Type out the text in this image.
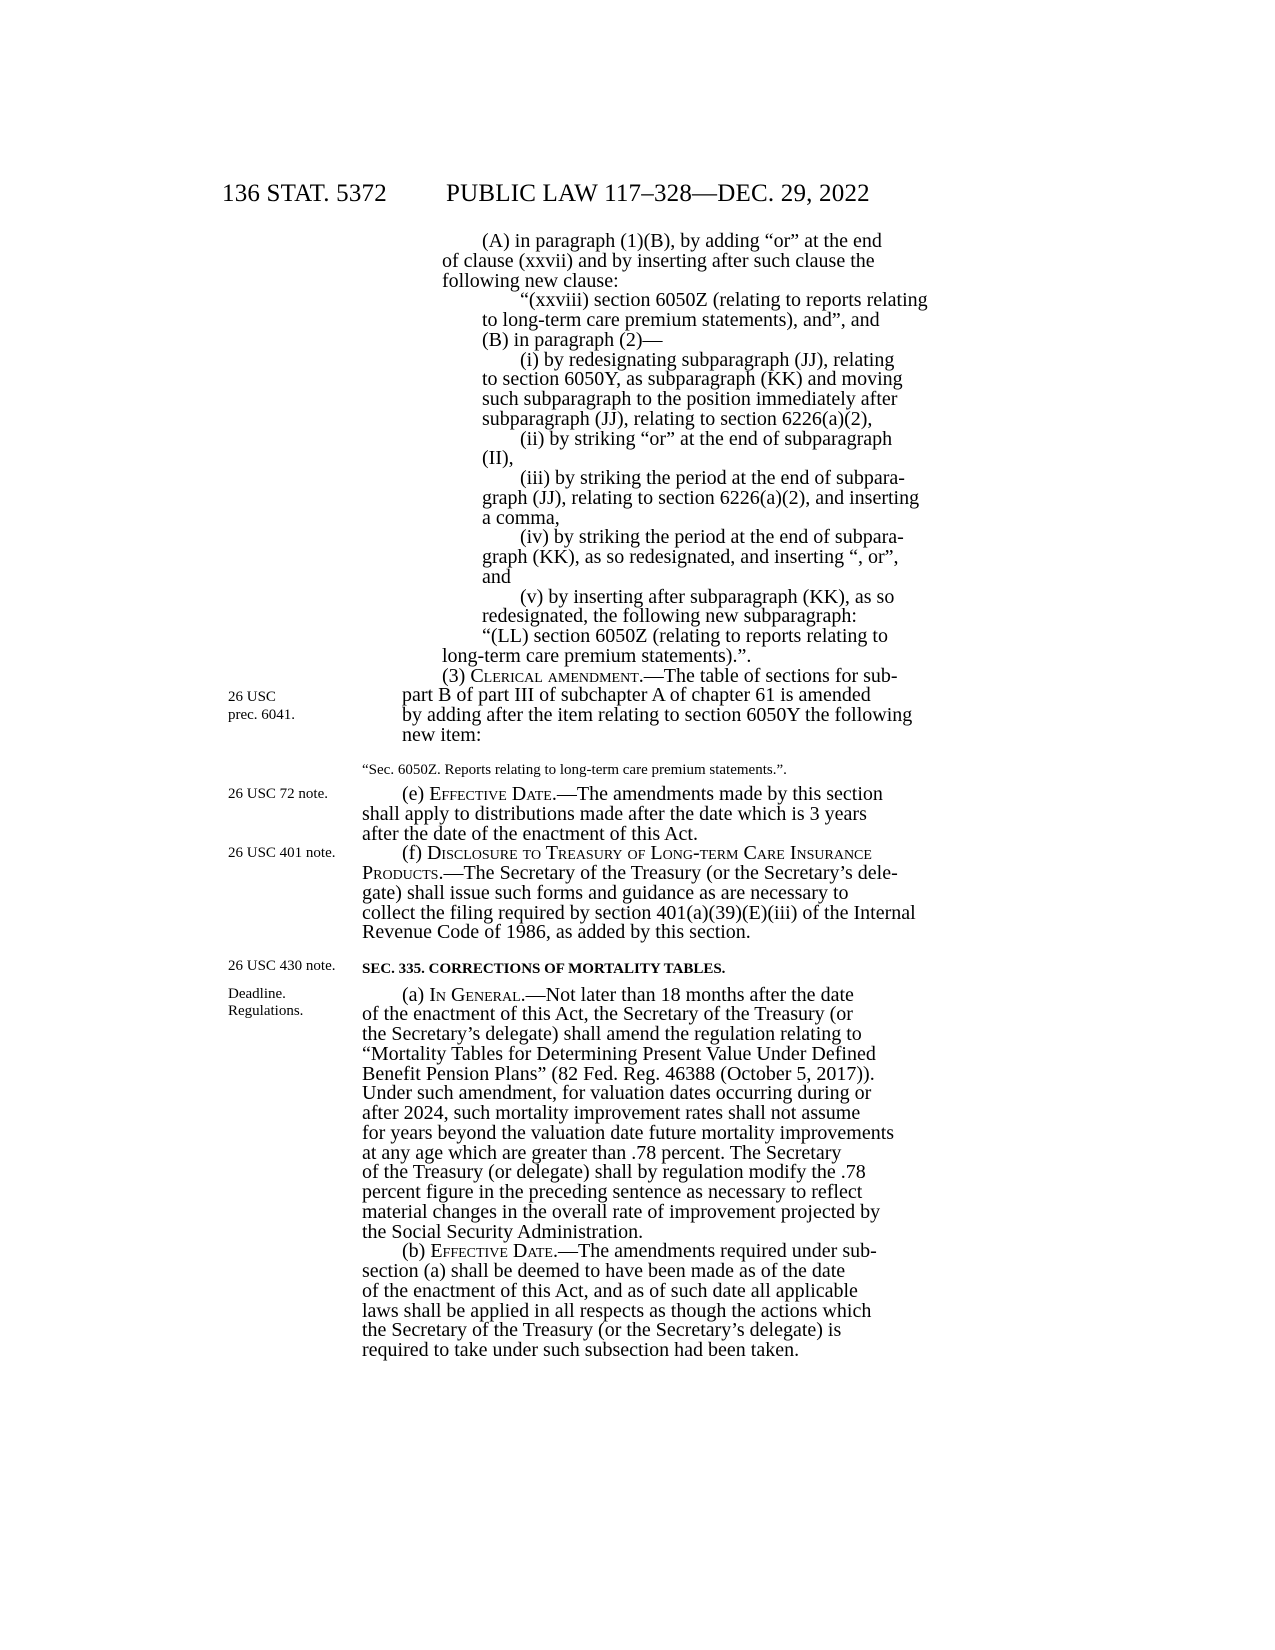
136 STAT. 5372 PUBLIC LAW 117–328—DEC. 29, 2022
26 USC
prec. 6041.
26 USC 72 note.
26 USC 401 note.
26 USC 430 note.
Deadline.
Regulations.
(A) in paragraph (1)(B), by adding “or” at the end
of clause (xxvii) and by inserting after such clause the
following new clause:
“(xxviii) section 6050Z (relating to reports relating
to long-term care premium statements), and”, and
(B) in paragraph (2)—
(i) by redesignating subparagraph (JJ), relating
to section 6050Y, as subparagraph (KK) and moving
such subparagraph to the position immediately after
subparagraph (JJ), relating to section 6226(a)(2),
(ii) by striking “or” at the end of subparagraph
(II),
(iii) by striking the period at the end of subpara-
graph (JJ), relating to section 6226(a)(2), and inserting
a comma,
(iv) by striking the period at the end of subpara-
graph (KK), as so redesignated, and inserting “, or”,
and
(v) by inserting after subparagraph (KK), as so
redesignated, the following new subparagraph:
“(LL) section 6050Z (relating to reports relating to
long-term care premium statements).”.
(3) Clerical amendment.—The table of sections for sub-
part B of part III of subchapter A of chapter 61 is amended
by adding after the item relating to section 6050Y the following
new item:
“Sec. 6050Z. Reports relating to long-term care premium statements.”.
(e) Effective Date.—The amendments made by this section
shall apply to distributions made after the date which is 3 years
after the date of the enactment of this Act.
(f) Disclosure to Treasury of Long-term Care Insurance
Products.—The Secretary of the Treasury (or the Secretary’s dele-
gate) shall issue such forms and guidance as are necessary to
collect the filing required by section 401(a)(39)(E)(iii) of the Internal
Revenue Code of 1986, as added by this section.
SEC. 335. CORRECTIONS OF MORTALITY TABLES.
(a) In General.—Not later than 18 months after the date
of the enactment of this Act, the Secretary of the Treasury (or
the Secretary’s delegate) shall amend the regulation relating to
“Mortality Tables for Determining Present Value Under Defined
Benefit Pension Plans” (82 Fed. Reg. 46388 (October 5, 2017)).
Under such amendment, for valuation dates occurring during or
after 2024, such mortality improvement rates shall not assume
for years beyond the valuation date future mortality improvements
at any age which are greater than .78 percent. The Secretary
of the Treasury (or delegate) shall by regulation modify the .78
percent figure in the preceding sentence as necessary to reflect
material changes in the overall rate of improvement projected by
the Social Security Administration.
(b) Effective Date.—The amendments required under sub-
section (a) shall be deemed to have been made as of the date
of the enactment of this Act, and as of such date all applicable
laws shall be applied in all respects as though the actions which
the Secretary of the Treasury (or the Secretary’s delegate) is
required to take under such subsection had been taken.
